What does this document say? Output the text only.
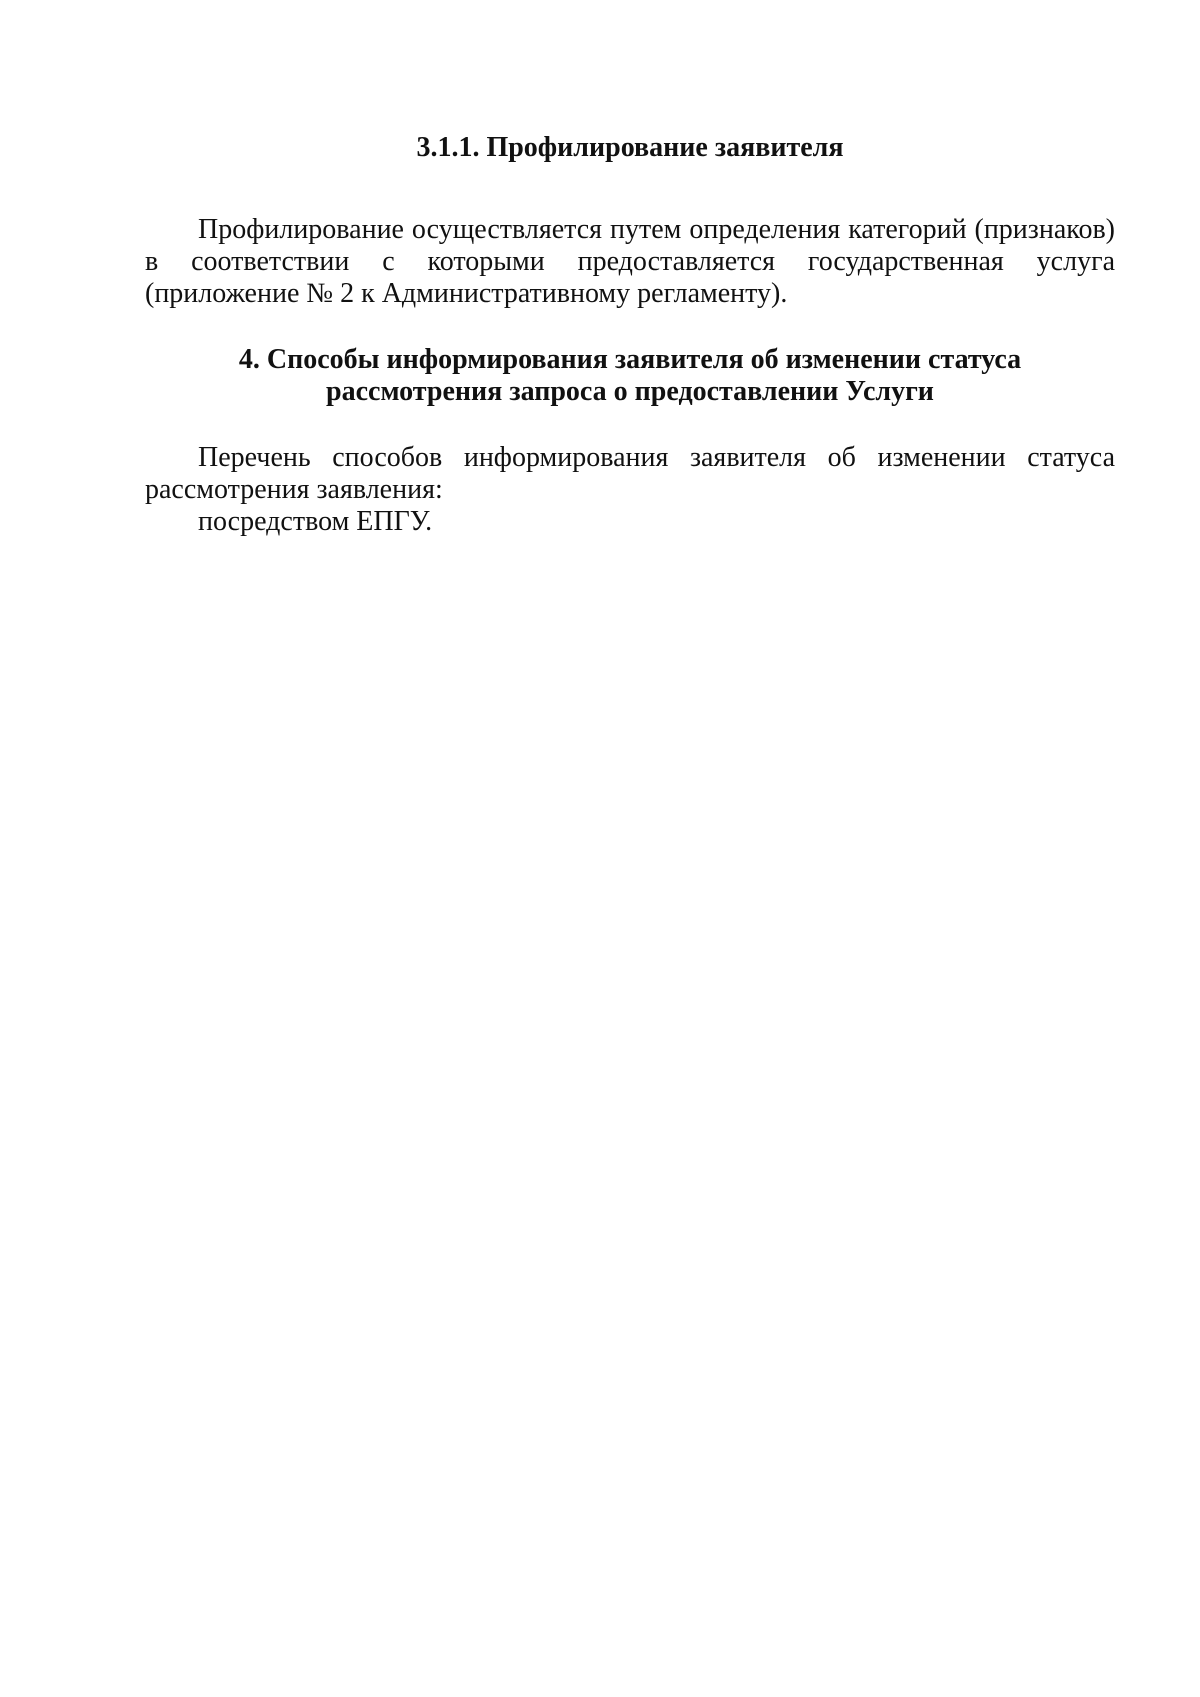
3.1.1. Профилирование заявителя

Профилирование осуществляется путем определения категорий (признаков) в соответствии с которыми предоставляется государственная услуга (приложение № 2 к Административному регламенту).

4. Способы информирования заявителя об изменении статуса
рассмотрения запроса о предоставлении Услуги

Перечень способов информирования заявителя об изменении статуса рассмотрения заявления:

посредством ЕПГУ.
